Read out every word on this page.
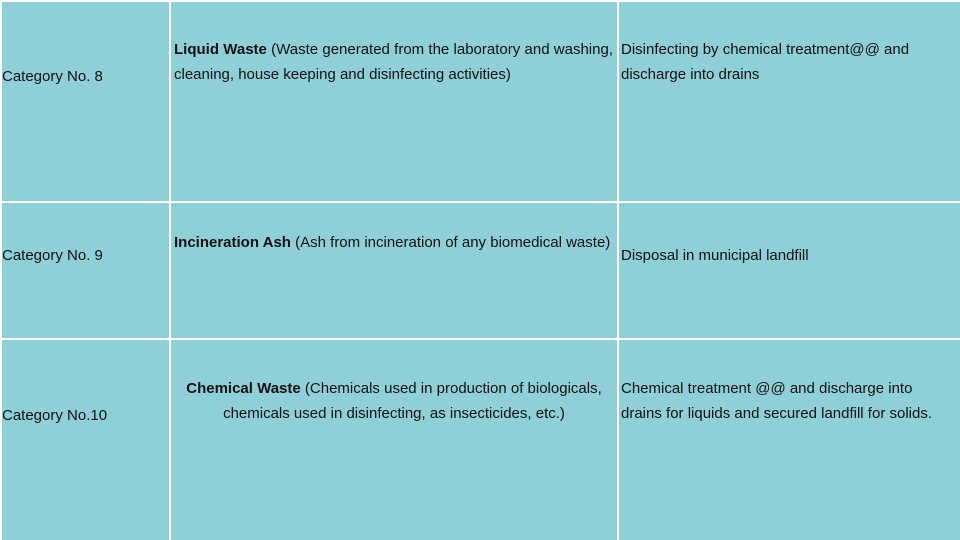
Category No. 8	Liquid Waste (Waste generated from the laboratory and washing, cleaning, house keeping and disinfecting activities)	Disinfecting by chemical treatment@@ and discharge into drains
Category No. 9	Incineration Ash (Ash from incineration of any biomedical waste)	Disposal in municipal landfill
Category No.10	Chemical Waste (Chemicals used in production of biologicals, chemicals used in disinfecting, as insecticides, etc.)	Chemical treatment @@ and discharge into drains for liquids and secured landfill for solids.
